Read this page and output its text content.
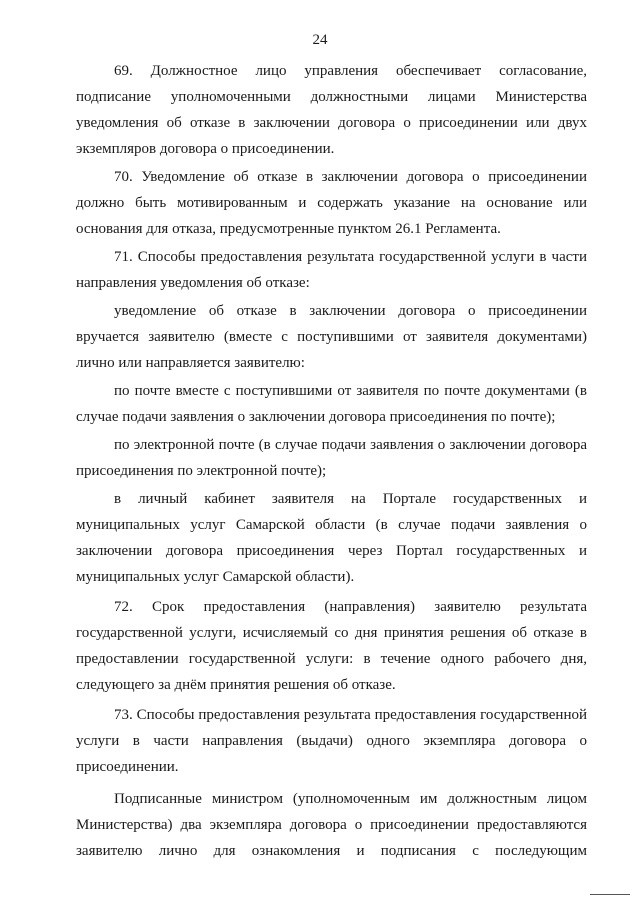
24

69. Должностное лицо управления обеспечивает согласование, подписание уполномоченными должностными лицами Министерства уведомления об отказе в заключении договора о присоединении или двух экземпляров договора о присоединении.

70. Уведомление об отказе в заключении договора о присоединении должно быть мотивированным и содержать указание на основание или основания для отказа, предусмотренные пунктом 26.1 Регламента.

71. Способы предоставления результата государственной услуги в части направления уведомления об отказе:

уведомление об отказе в заключении договора о присоединении вручается заявителю (вместе с поступившими от заявителя документами) лично или направляется заявителю:

по почте вместе с поступившими от заявителя по почте документами (в случае подачи заявления о заключении договора присоединения по почте);

по электронной почте (в случае подачи заявления о заключении договора присоединения по электронной почте);

в личный кабинет заявителя на Портале государственных и муниципальных услуг Самарской области (в случае подачи заявления о заключении договора присоединения через Портал государственных и муниципальных услуг Самарской области).

72. Срок предоставления (направления) заявителю результата государственной услуги, исчисляемый со дня принятия решения об отказе в предоставлении государственной услуги: в течение одного рабочего дня, следующего за днём принятия решения об отказе.

73. Способы предоставления результата предоставления государственной услуги в части направления (выдачи) одного экземпляра договора о присоединении.

Подписанные министром (уполномоченным им должностным лицом Министерства) два экземпляра договора о присоединении предоставляются заявителю лично для ознакомления и подписания с последующим
